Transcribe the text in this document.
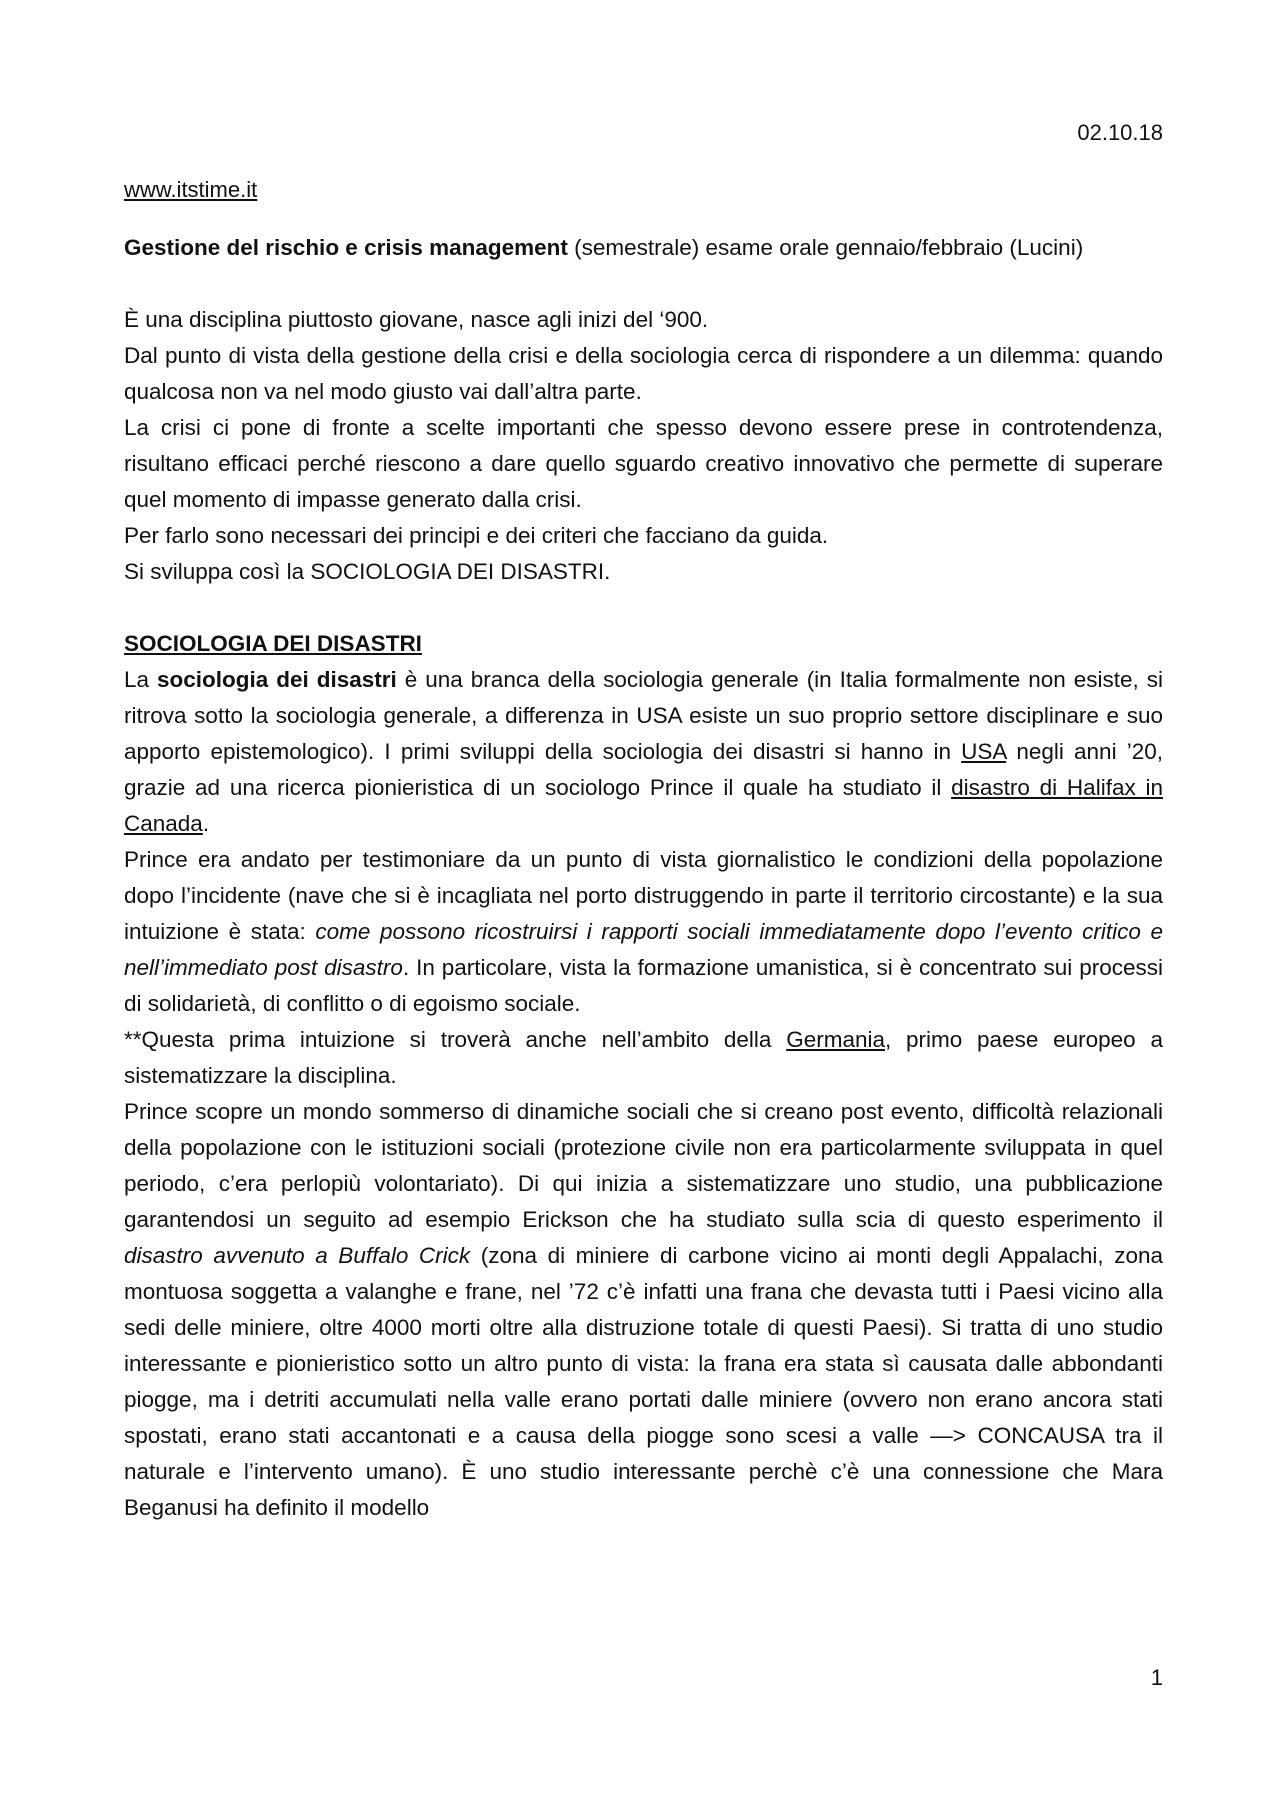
02.10.18

www.itstime.it

Gestione del rischio e crisis management (semestrale) esame orale gennaio/febbraio (Lucini)

È una disciplina piuttosto giovane, nasce agli inizi del ‘900.

Dal punto di vista della gestione della crisi e della sociologia cerca di rispondere a un dilemma: quando qualcosa non va nel modo giusto vai dall’altra parte.

La crisi ci pone di fronte a scelte importanti che spesso devono essere prese in controtendenza, risultano efficaci perché riescono a dare quello sguardo creativo innovativo che permette di superare quel momento di impasse generato dalla crisi.

Per farlo sono necessari dei principi e dei criteri che facciano da guida.

Si sviluppa così la SOCIOLOGIA DEI DISASTRI.

SOCIOLOGIA DEI DISASTRI

La sociologia dei disastri è una branca della sociologia generale (in Italia formalmente non esiste, si ritrova sotto la sociologia generale, a differenza in USA esiste un suo proprio settore disciplinare e suo apporto epistemologico). I primi sviluppi della sociologia dei disastri si hanno in USA negli anni ’20, grazie ad una ricerca pionieristica di un sociologo Prince il quale ha studiato il disastro di Halifax in Canada.

Prince era andato per testimoniare da un punto di vista giornalistico le condizioni della popolazione dopo l’incidente (nave che si è incagliata nel porto distruggendo in parte il territorio circostante) e la sua intuizione è stata: come possono ricostruirsi i rapporti sociali immediatamente dopo l’evento critico e nell’immediato post disastro. In particolare, vista la formazione umanistica, si è concentrato sui processi di solidarietà, di conflitto o di egoismo sociale.

**Questa prima intuizione si troverà anche nell’ambito della Germania, primo paese europeo a sistematizzare la disciplina.

Prince scopre un mondo sommerso di dinamiche sociali che si creano post evento, difficoltà relazionali della popolazione con le istituzioni sociali (protezione civile non era particolarmente sviluppata in quel periodo, c’era perlopiù volontariato). Di qui inizia a sistematizzare uno studio, una pubblicazione garantendosi un seguito ad esempio Erickson che ha studiato sulla scia di questo esperimento il disastro avvenuto a Buffalo Crick (zona di miniere di carbone vicino ai monti degli Appalachi, zona montuosa soggetta a valanghe e frane, nel ’72 c’è infatti una frana che devasta tutti i Paesi vicino alla sedi delle miniere, oltre 4000 morti oltre alla distruzione totale di questi Paesi). Si tratta di uno studio interessante e pionieristico sotto un altro punto di vista: la frana era stata sì causata dalle abbondanti piogge, ma i detriti accumulati nella valle erano portati dalle miniere (ovvero non erano ancora stati spostati, erano stati accantonati e a causa della piogge sono scesi a valle —> CONCAUSA tra il naturale e l’intervento umano). È uno studio interessante perchè c’è una connessione che Mara Beganusi ha definito il modello

1
